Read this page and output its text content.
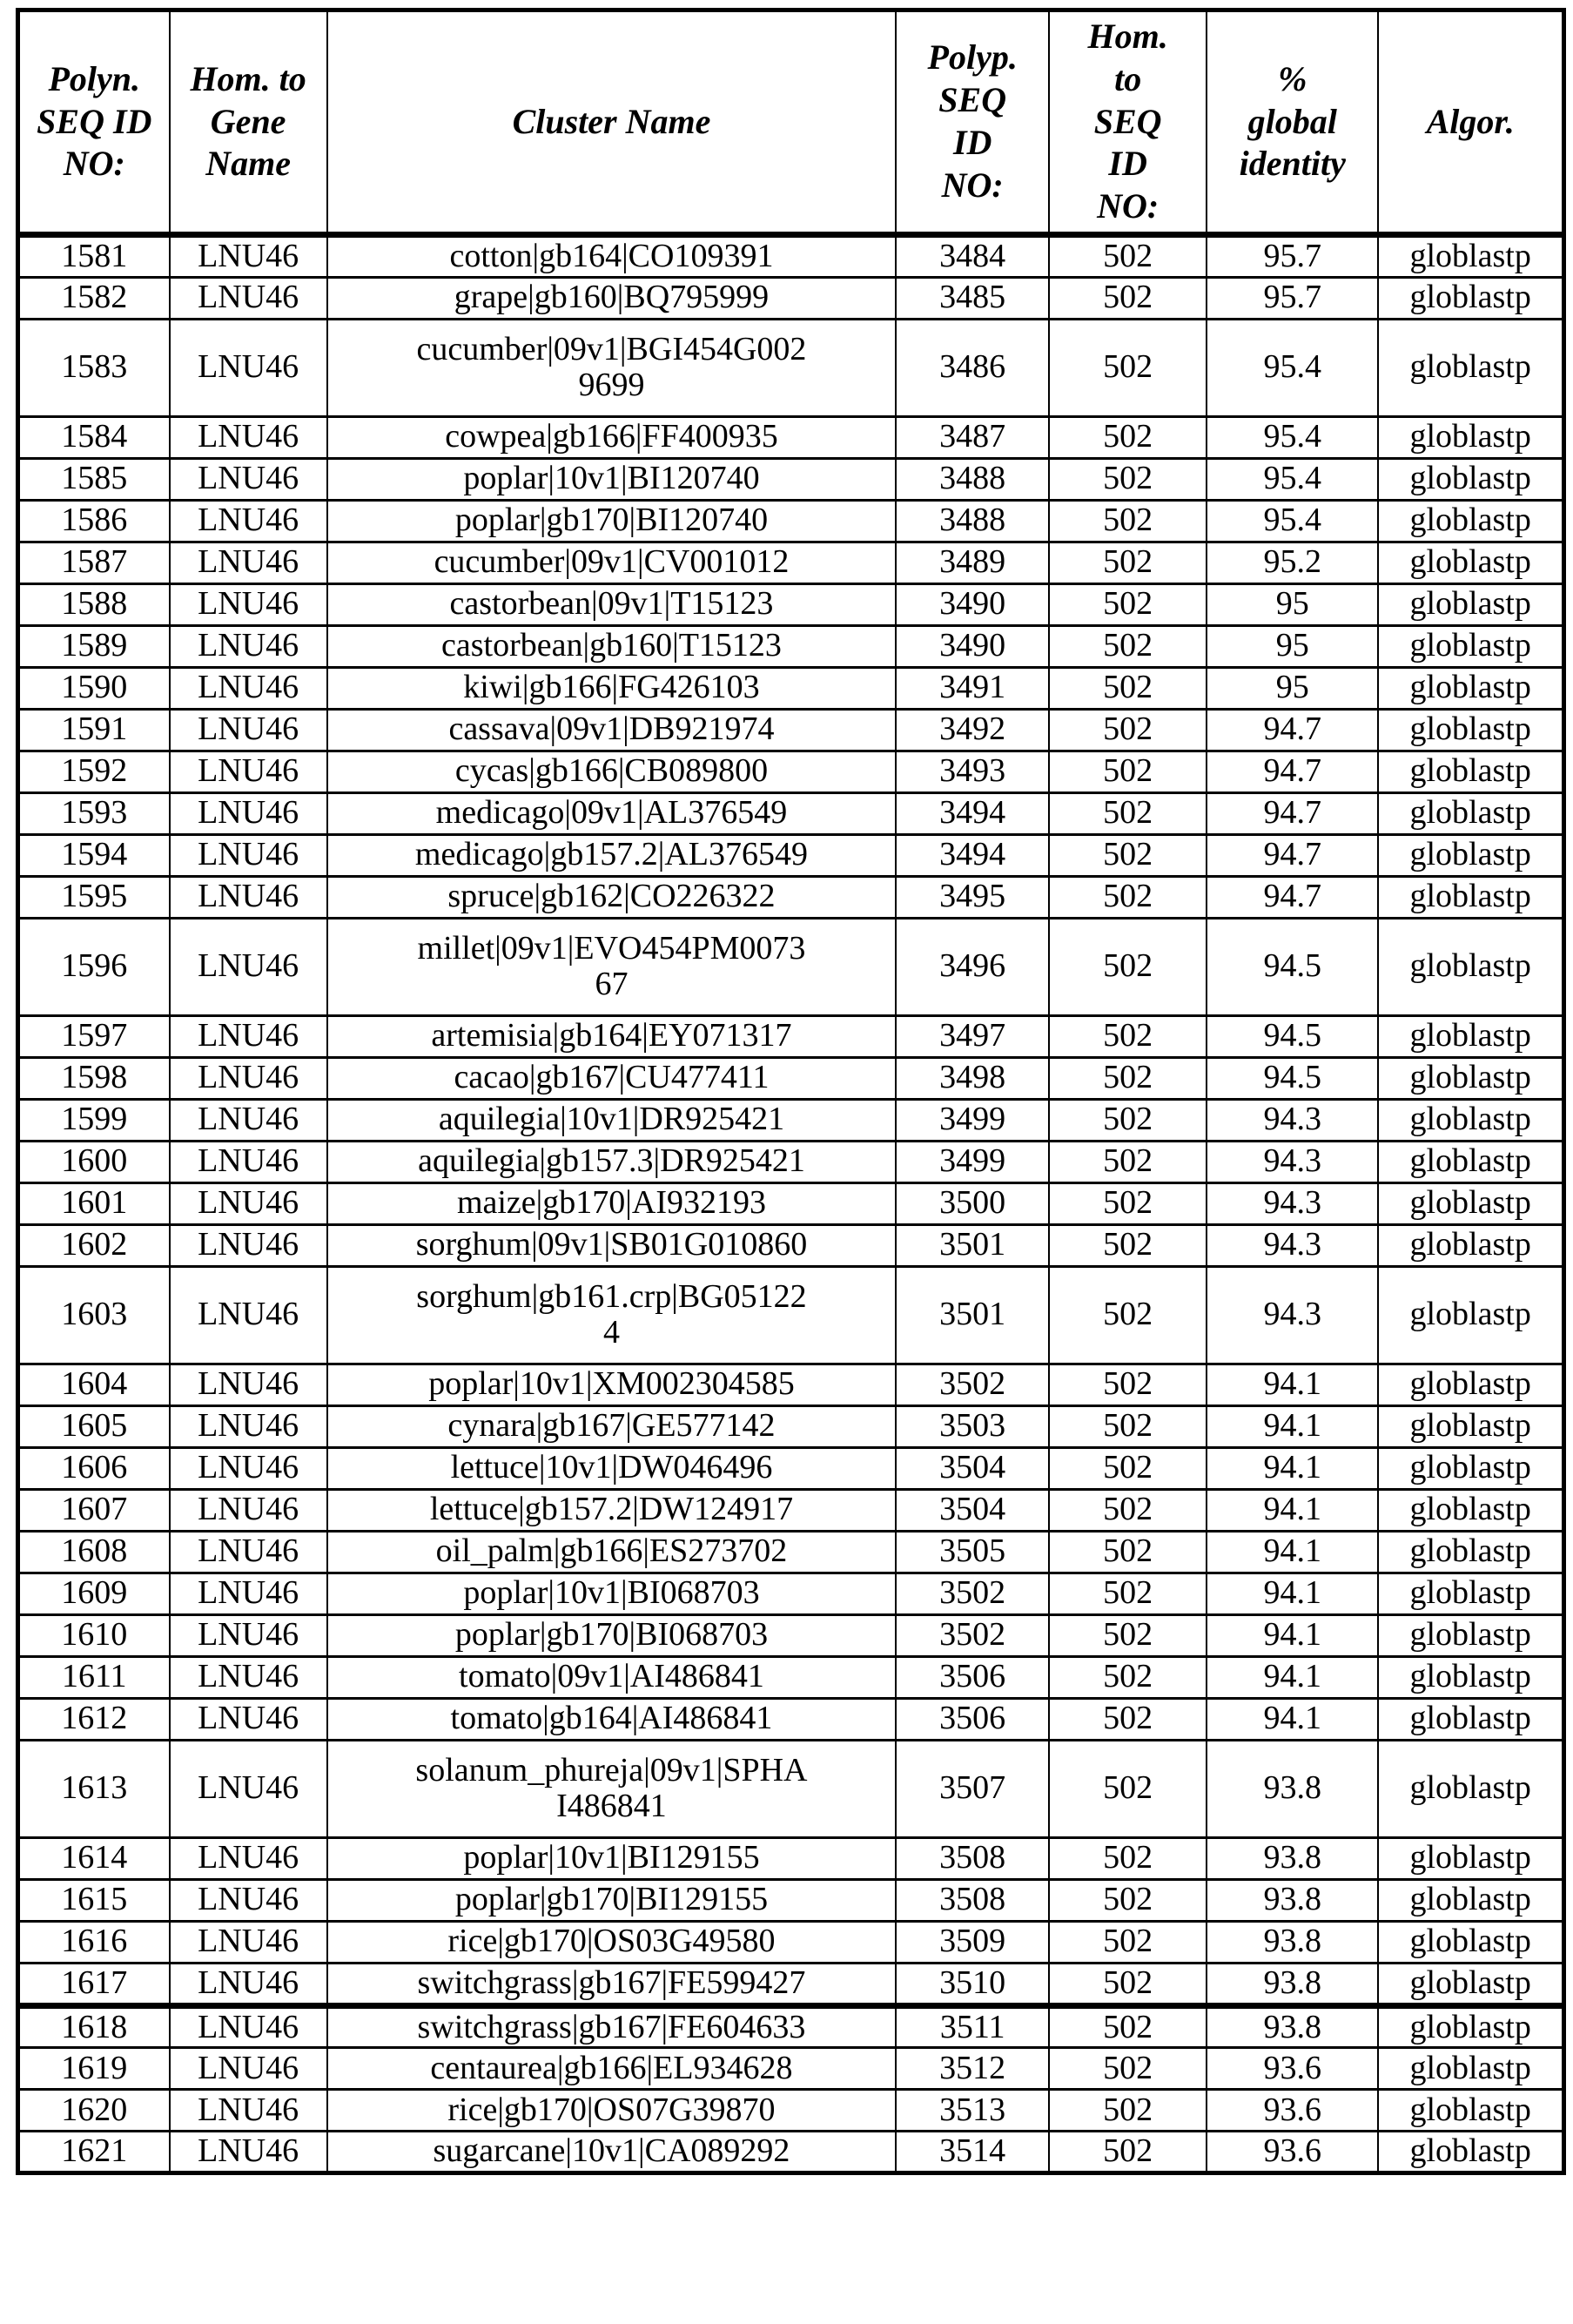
Polyn.
SEQ ID
NO:	Hom. to
Gene
Name	Cluster Name	Polyp.
SEQ
ID
NO:	Hom.
to
SEQ
ID
NO:	%
global
identity	Algor.
1581	LNU46	cotton|gb164|CO109391	3484	502	95.7	globlastp
1582	LNU46	grape|gb160|BQ795999	3485	502	95.7	globlastp
1583	LNU46	cucumber|09v1|BGI454G002
9699	3486	502	95.4	globlastp
1584	LNU46	cowpea|gb166|FF400935	3487	502	95.4	globlastp
1585	LNU46	poplar|10v1|BI120740	3488	502	95.4	globlastp
1586	LNU46	poplar|gb170|BI120740	3488	502	95.4	globlastp
1587	LNU46	cucumber|09v1|CV001012	3489	502	95.2	globlastp
1588	LNU46	castorbean|09v1|T15123	3490	502	95	globlastp
1589	LNU46	castorbean|gb160|T15123	3490	502	95	globlastp
1590	LNU46	kiwi|gb166|FG426103	3491	502	95	globlastp
1591	LNU46	cassava|09v1|DB921974	3492	502	94.7	globlastp
1592	LNU46	cycas|gb166|CB089800	3493	502	94.7	globlastp
1593	LNU46	medicago|09v1|AL376549	3494	502	94.7	globlastp
1594	LNU46	medicago|gb157.2|AL376549	3494	502	94.7	globlastp
1595	LNU46	spruce|gb162|CO226322	3495	502	94.7	globlastp
1596	LNU46	millet|09v1|EVO454PM0073
67	3496	502	94.5	globlastp
1597	LNU46	artemisia|gb164|EY071317	3497	502	94.5	globlastp
1598	LNU46	cacao|gb167|CU477411	3498	502	94.5	globlastp
1599	LNU46	aquilegia|10v1|DR925421	3499	502	94.3	globlastp
1600	LNU46	aquilegia|gb157.3|DR925421	3499	502	94.3	globlastp
1601	LNU46	maize|gb170|AI932193	3500	502	94.3	globlastp
1602	LNU46	sorghum|09v1|SB01G010860	3501	502	94.3	globlastp
1603	LNU46	sorghum|gb161.crp|BG05122
4	3501	502	94.3	globlastp
1604	LNU46	poplar|10v1|XM002304585	3502	502	94.1	globlastp
1605	LNU46	cynara|gb167|GE577142	3503	502	94.1	globlastp
1606	LNU46	lettuce|10v1|DW046496	3504	502	94.1	globlastp
1607	LNU46	lettuce|gb157.2|DW124917	3504	502	94.1	globlastp
1608	LNU46	oil_palm|gb166|ES273702	3505	502	94.1	globlastp
1609	LNU46	poplar|10v1|BI068703	3502	502	94.1	globlastp
1610	LNU46	poplar|gb170|BI068703	3502	502	94.1	globlastp
1611	LNU46	tomato|09v1|AI486841	3506	502	94.1	globlastp
1612	LNU46	tomato|gb164|AI486841	3506	502	94.1	globlastp
1613	LNU46	solanum_phureja|09v1|SPHA
I486841	3507	502	93.8	globlastp
1614	LNU46	poplar|10v1|BI129155	3508	502	93.8	globlastp
1615	LNU46	poplar|gb170|BI129155	3508	502	93.8	globlastp
1616	LNU46	rice|gb170|OS03G49580	3509	502	93.8	globlastp
1617	LNU46	switchgrass|gb167|FE599427	3510	502	93.8	globlastp
1618	LNU46	switchgrass|gb167|FE604633	3511	502	93.8	globlastp
1619	LNU46	centaurea|gb166|EL934628	3512	502	93.6	globlastp
1620	LNU46	rice|gb170|OS07G39870	3513	502	93.6	globlastp
1621	LNU46	sugarcane|10v1|CA089292	3514	502	93.6	globlastp
